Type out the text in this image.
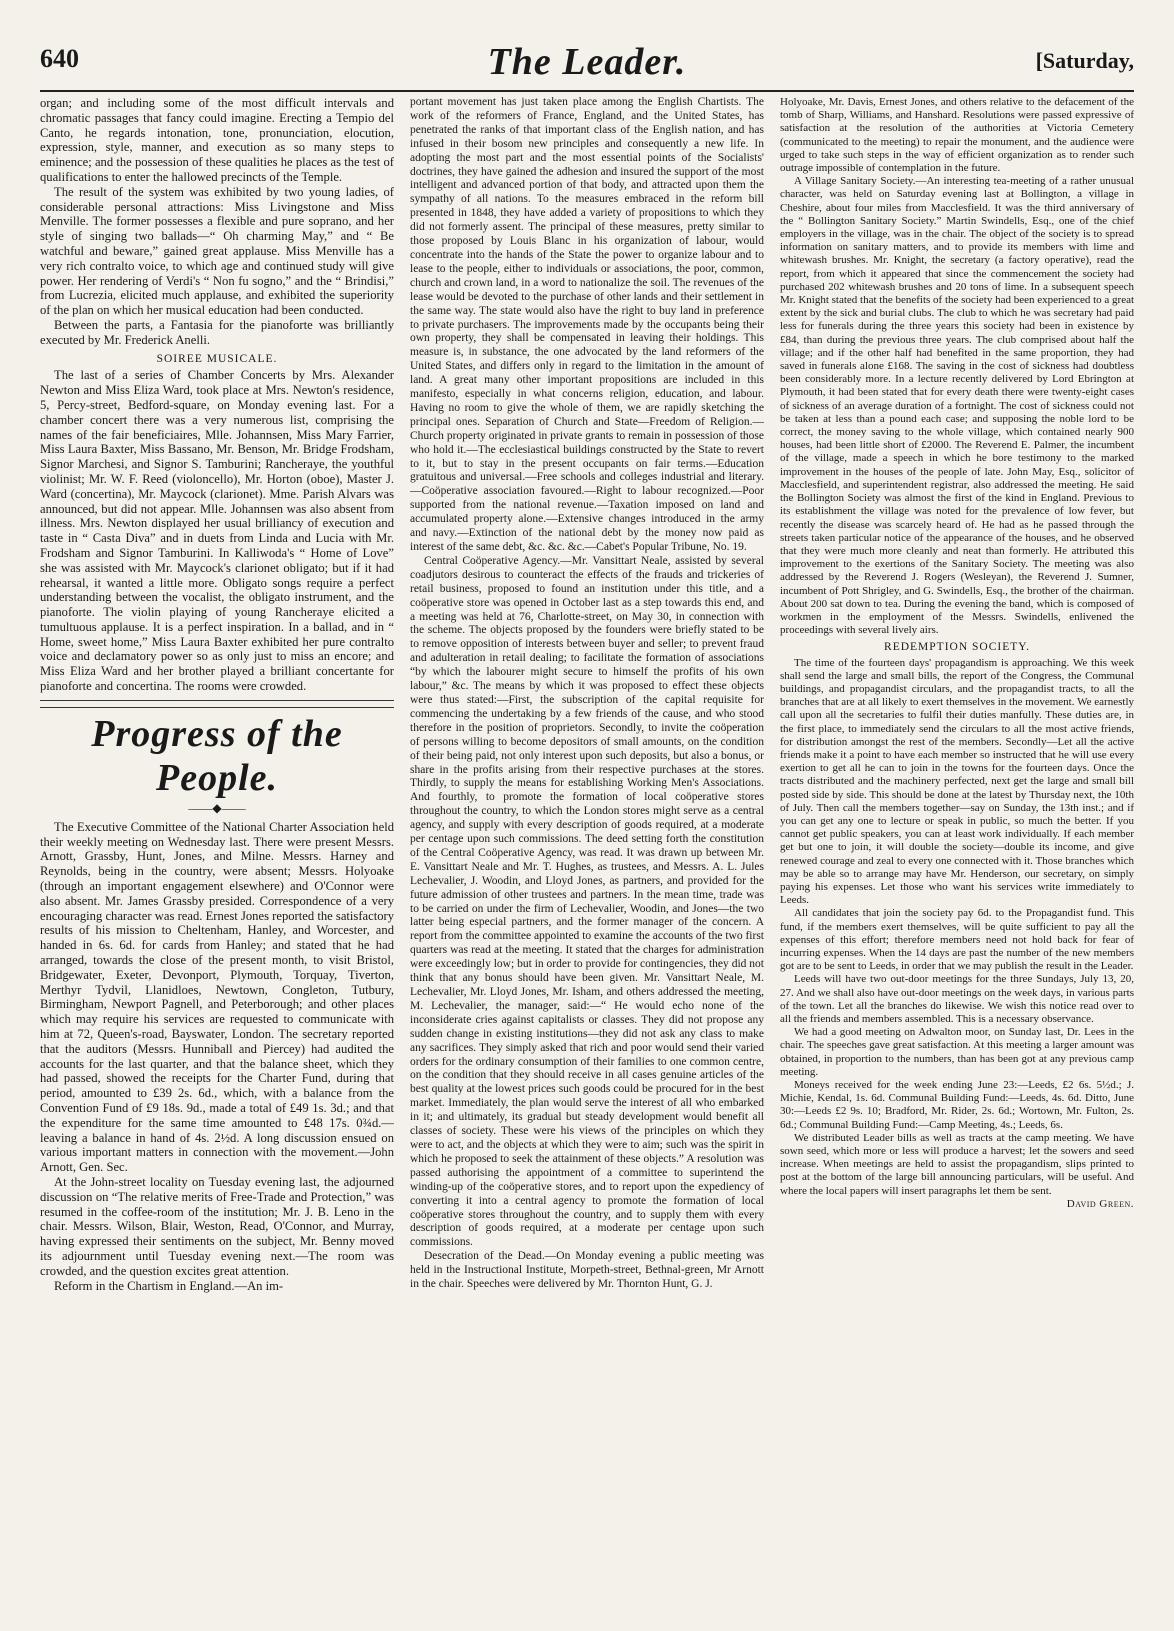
640	The Leader.	[Saturday,

organ; and including some of the most difficult intervals and chromatic passages that fancy could imagine. Erecting a Tempio del Canto, he regards intonation, tone, pronunciation, elocution, expression, style, manner, and execution as so many steps to eminence; and the possession of these qualities he places as the test of qualifications to enter the hallowed precincts of the Temple.

The result of the system was exhibited by two young ladies, of considerable personal attractions: Miss Livingstone and Miss Menville. The former possesses a flexible and pure soprano, and her style of singing two ballads—“ Oh charming May,” and “ Be watchful and beware,” gained great applause. Miss Menville has a very rich contralto voice, to which age and continued study will give power. Her rendering of Verdi's “ Non fu sogno,” and the “ Brindisi,” from Lucrezia, elicited much applause, and exhibited the superiority of the plan on which her musical education had been conducted.

Between the parts, a Fantasia for the pianoforte was brilliantly executed by Mr. Frederick Anelli.

SOIREE MUSICALE.

The last of a series of Chamber Concerts by Mrs. Alexander Newton and Miss Eliza Ward, took place at Mrs. Newton's residence, 5, Percy-street, Bedford-square, on Monday evening last. For a chamber concert there was a very numerous list, comprising the names of the fair beneficiaires, Mlle. Johannsen, Miss Mary Farrier, Miss Laura Baxter, Miss Bassano, Mr. Benson, Mr. Bridge Frodsham, Signor Marchesi, and Signor S. Tamburini; Rancheraye, the youthful violinist; Mr. W. F. Reed (violoncello), Mr. Horton (oboe), Master J. Ward (concertina), Mr. Maycock (clarionet). Mme. Parish Alvars was announced, but did not appear. Mlle. Johannsen was also absent from illness. Mrs. Newton displayed her usual brilliancy of execution and taste in “ Casta Diva” and in duets from Linda and Lucia with Mr. Frodsham and Signor Tamburini. In Kalliwoda's “ Home of Love” she was assisted with Mr. Maycock's clarionet obligato; but if it had rehearsal, it wanted a little more. Obligato songs require a perfect understanding between the vocalist, the obligato instrument, and the pianoforte. The violin playing of young Rancheraye elicited a tumultuous applause. It is a perfect inspiration. In a ballad, and in “ Home, sweet home,” Miss Laura Baxter exhibited her pure contralto voice and declamatory power so as only just to miss an encore; and Miss Eliza Ward and her brother played a brilliant concertante for pianoforte and concertina. The rooms were crowded.

Progress of the People.
——◆——

The Executive Committee of the National Charter Association held their weekly meeting on Wednesday last. There were present Messrs. Arnott, Grassby, Hunt, Jones, and Milne. Messrs. Harney and Reynolds, being in the country, were absent; Messrs. Holyoake (through an important engagement elsewhere) and O'Connor were also absent. Mr. James Grassby presided. Correspondence of a very encouraging character was read. Ernest Jones reported the satisfactory results of his mission to Cheltenham, Hanley, and Worcester, and handed in 6s. 6d. for cards from Hanley; and stated that he had arranged, towards the close of the present month, to visit Bristol, Bridgewater, Exeter, Devonport, Plymouth, Torquay, Tiverton, Merthyr Tydvil, Llanidloes, Newtown, Congleton, Tutbury, Birmingham, Newport Pagnell, and Peterborough; and other places which may require his services are requested to communicate with him at 72, Queen's-road, Bayswater, London. The secretary reported that the auditors (Messrs. Hunniball and Piercey) had audited the accounts for the last quarter, and that the balance sheet, which they had passed, showed the receipts for the Charter Fund, during that period, amounted to £39 2s. 6d., which, with a balance from the Convention Fund of £9 18s. 9d., made a total of £49 1s. 3d.; and that the expenditure for the same time amounted to £48 17s. 0¾d.—leaving a balance in hand of 4s. 2½d. A long discussion ensued on various important matters in connection with the movement.—John Arnott, Gen. Sec.

At the John-street locality on Tuesday evening last, the adjourned discussion on “The relative merits of Free-Trade and Protection,” was resumed in the coffee-room of the institution; Mr. J. B. Leno in the chair. Messrs. Wilson, Blair, Weston, Read, O'Connor, and Murray, having expressed their sentiments on the subject, Mr. Benny moved its adjournment until Tuesday evening next.—The room was crowded, and the question excites great attention.

Reform in the Chartism in England.—An im-

portant movement has just taken place among the English Chartists. The work of the reformers of France, England, and the United States, has penetrated the ranks of that important class of the English nation, and has infused in their bosom new principles and consequently a new life. In adopting the most part and the most essential points of the Socialists' doctrines, they have gained the adhesion and insured the support of the most intelligent and advanced portion of that body, and attracted upon them the sympathy of all nations. To the measures embraced in the reform bill presented in 1848, they have added a variety of propositions to which they did not formerly assent. The principal of these measures, pretty similar to those proposed by Louis Blanc in his organization of labour, would concentrate into the hands of the State the power to organize labour and to lease to the people, either to individuals or associations, the poor, common, church and crown land, in a word to nationalize the soil. The revenues of the lease would be devoted to the purchase of other lands and their settlement in the same way. The state would also have the right to buy land in preference to private purchasers. The improvements made by the occupants being their own property, they shall be compensated in leaving their holdings. This measure is, in substance, the one advocated by the land reformers of the United States, and differs only in regard to the limitation in the amount of land. A great many other important propositions are included in this manifesto, especially in what concerns religion, education, and labour. Having no room to give the whole of them, we are rapidly sketching the principal ones. Separation of Church and State—Freedom of Religion.—Church property originated in private grants to remain in possession of those who hold it.—The ecclesiastical buildings constructed by the State to revert to it, but to stay in the present occupants on fair terms.—Education gratuitous and universal.—Free schools and colleges industrial and literary.—Coöperative association favoured.—Right to labour recognized.—Poor supported from the national revenue.—Taxation imposed on land and accumulated property alone.—Extensive changes introduced in the army and navy.—Extinction of the national debt by the money now paid as interest of the same debt, &c. &c. &c.—Cabet's Popular Tribune, No. 19.

Central Coöperative Agency.—Mr. Vansittart Neale, assisted by several coadjutors desirous to counteract the effects of the frauds and trickeries of retail business, proposed to found an institution under this title, and a coöperative store was opened in October last as a step towards this end, and a meeting was held at 76, Charlotte-street, on May 30, in connection with the scheme. The objects proposed by the founders were briefly stated to be to remove opposition of interests between buyer and seller; to prevent fraud and adulteration in retail dealing; to facilitate the formation of associations “by which the labourer might secure to himself the profits of his own labour,” &c. The means by which it was proposed to effect these objects were thus stated:—First, the subscription of the capital requisite for commencing the undertaking by a few friends of the cause, and who stood therefore in the position of proprietors. Secondly, to invite the coöperation of persons willing to become depositors of small amounts, on the condition of their being paid, not only interest upon such deposits, but also a bonus, or share in the profits arising from their respective purchases at the stores. Thirdly, to supply the means for establishing Working Men's Associations. And fourthly, to promote the formation of local coöperative stores throughout the country, to which the London stores might serve as a central agency, and supply with every description of goods required, at a moderate per centage upon such commissions. The deed setting forth the constitution of the Central Coöperative Agency, was read. It was drawn up between Mr. E. Vansittart Neale and Mr. T. Hughes, as trustees, and Messrs. A. L. Jules Lechevalier, J. Woodin, and Lloyd Jones, as partners, and provided for the future admission of other trustees and partners. In the mean time, trade was to be carried on under the firm of Lechevalier, Woodin, and Jones—the two latter being especial partners, and the former manager of the concern. A report from the committee appointed to examine the accounts of the two first quarters was read at the meeting. It stated that the charges for administration were exceedingly low; but in order to provide for contingencies, they did not think that any bonus should have been given. Mr. Vansittart Neale, M. Lechevalier, Mr. Lloyd Jones, Mr. Isham, and others addressed the meeting, M. Lechevalier, the manager, said:—“ He would echo none of the inconsiderate cries against capitalists or classes. They did not propose any sudden change in existing institutions—they did not ask any class to make any sacrifices. They simply asked that rich and poor would send their varied orders for the ordinary consumption of their families to one common centre, on the condition that they should receive in all cases genuine articles of the best quality at the lowest prices such goods could be procured for in the best market. Immediately, the plan would serve the interest of all who embarked in it; and ultimately, its gradual but steady development would benefit all classes of society. These were his views of the principles on which they were to act, and the objects at which they were to aim; such was the spirit in which he proposed to seek the attainment of these objects.” A resolution was passed authorising the appointment of a committee to superintend the winding-up of the coöperative stores, and to report upon the expediency of converting it into a central agency to promote the formation of local coöperative stores throughout the country, and to supply them with every description of goods required, at a moderate per centage upon such commissions.

Desecration of the Dead.—On Monday evening a public meeting was held in the Instructional Institute, Morpeth-street, Bethnal-green, Mr Arnott in the chair. Speeches were delivered by Mr. Thornton Hunt, G. J.

Holyoake, Mr. Davis, Ernest Jones, and others relative to the defacement of the tomb of Sharp, Williams, and Hanshard. Resolutions were passed expressive of satisfaction at the resolution of the authorities at Victoria Cemetery (communicated to the meeting) to repair the monument, and the audience were urged to take such steps in the way of efficient organization as to render such outrage impossible of contemplation in the future.

A Village Sanitary Society.—An interesting tea-meeting of a rather unusual character, was held on Saturday evening last at Bollington, a village in Cheshire, about four miles from Macclesfield. It was the third anniversary of the “ Bollington Sanitary Society.” Martin Swindells, Esq., one of the chief employers in the village, was in the chair. The object of the society is to spread information on sanitary matters, and to provide its members with lime and whitewash brushes. Mr. Knight, the secretary (a factory operative), read the report, from which it appeared that since the commencement the society had purchased 202 whitewash brushes and 20 tons of lime. In a subsequent speech Mr. Knight stated that the benefits of the society had been experienced to a great extent by the sick and burial clubs. The club to which he was secretary had paid less for funerals during the three years this society had been in existence by £84, than during the previous three years. The club comprised about half the village; and if the other half had benefited in the same proportion, they had saved in funerals alone £168. The saving in the cost of sickness had doubtless been considerably more. In a lecture recently delivered by Lord Ebrington at Plymouth, it had been stated that for every death there were twenty-eight cases of sickness of an average duration of a fortnight. The cost of sickness could not be taken at less than a pound each case; and supposing the noble lord to be correct, the money saving to the whole village, which contained nearly 900 houses, had been little short of £2000. The Reverend E. Palmer, the incumbent of the village, made a speech in which he bore testimony to the marked improvement in the houses of the people of late. John May, Esq., solicitor of Macclesfield, and superintendent registrar, also addressed the meeting. He said the Bollington Society was almost the first of the kind in England. Previous to its establishment the village was noted for the prevalence of low fever, but recently the disease was scarcely heard of. He had as he passed through the streets taken particular notice of the appearance of the houses, and he observed that they were much more cleanly and neat than formerly. He attributed this improvement to the exertions of the Sanitary Society. The meeting was also addressed by the Reverend J. Rogers (Wesleyan), the Reverend J. Sumner, incumbent of Pott Shrigley, and G. Swindells, Esq., the brother of the chairman. About 200 sat down to tea. During the evening the band, which is composed of workmen in the employment of the Messrs. Swindells, enlivened the proceedings with several lively airs.

REDEMPTION SOCIETY.

The time of the fourteen days' propagandism is approaching. We this week shall send the large and small bills, the report of the Congress, the Communal buildings, and propagandist circulars, and the propagandist tracts, to all the branches that are at all likely to exert themselves in the movement. We earnestly call upon all the secretaries to fulfil their duties manfully. These duties are, in the first place, to immediately send the circulars to all the most active friends, for distribution amongst the rest of the members. Secondly—Let all the active friends make it a point to have each member so instructed that he will use every exertion to get all he can to join in the towns for the fourteen days. Once the tracts distributed and the machinery perfected, next get the large and small bill posted side by side. This should be done at the latest by Thursday next, the 10th of July. Then call the members together—say on Sunday, the 13th inst.; and if you can get any one to lecture or speak in public, so much the better. If you cannot get public speakers, you can at least work individually. If each member get but one to join, it will double the society—double its income, and give renewed courage and zeal to every one connected with it. Those branches which may be able so to arrange may have Mr. Henderson, our secretary, on simply paying his expenses. Let those who want his services write immediately to Leeds.

All candidates that join the society pay 6d. to the Propagandist fund. This fund, if the members exert themselves, will be quite sufficient to pay all the expenses of this effort; therefore members need not hold back for fear of incurring expenses. When the 14 days are past the number of the new members got are to be sent to Leeds, in order that we may publish the result in the Leader.

Leeds will have two out-door meetings for the three Sundays, July 13, 20, 27. And we shall also have out-door meetings on the week days, in various parts of the town. Let all the branches do likewise. We wish this notice read over to all the friends and members assembled. This is a necessary observance.

We had a good meeting on Adwalton moor, on Sunday last, Dr. Lees in the chair. The speeches gave great satisfaction. At this meeting a larger amount was obtained, in proportion to the numbers, than has been got at any previous camp meeting.

Moneys received for the week ending June 23:—Leeds, £2 6s. 5½d.; J. Michie, Kendal, 1s. 6d. Communal Building Fund:—Leeds, 4s. 6d. Ditto, June 30:—Leeds £2 9s. 10; Bradford, Mr. Rider, 2s. 6d.; Wortown, Mr. Fulton, 2s. 6d.; Communal Building Fund:—Camp Meeting, 4s.; Leeds, 6s.

We distributed Leader bills as well as tracts at the camp meeting. We have sown seed, which more or less will produce a harvest; let the sowers and seed increase. When meetings are held to assist the propagandism, slips printed to post at the bottom of the large bill announcing particulars, will be useful. And where the local papers will insert paragraphs let them be sent.

David Green.
